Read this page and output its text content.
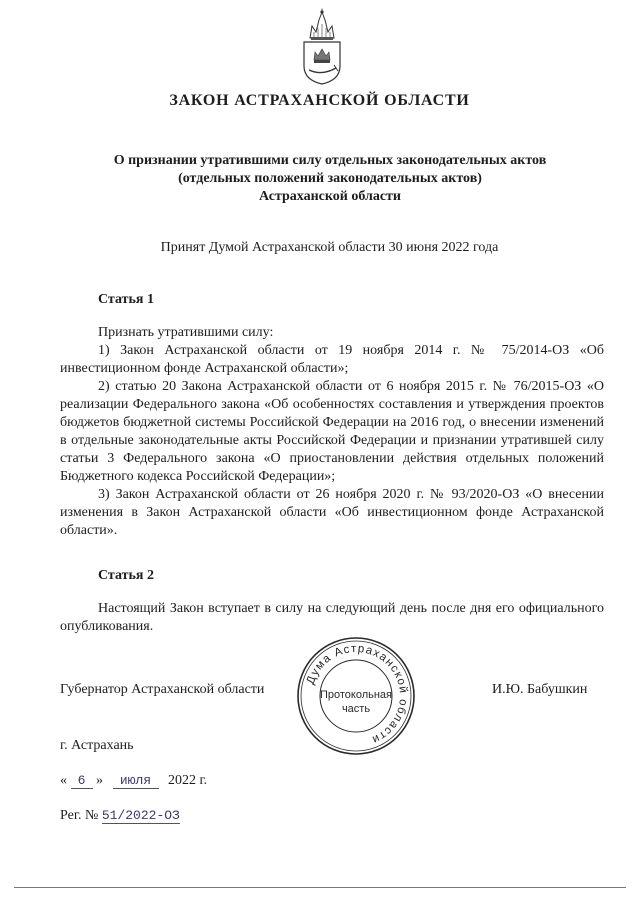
ЗАКОН АСТРАХАНСКОЙ ОБЛАСТИ
О признании утратившими силу отдельных законодательных актов
(отдельных положений законодательных актов)
Астраханской области
Принят Думой Астраханской области 30 июня 2022 года
Статья 1

Признать утратившими силу:

1) Закон Астраханской области от 19 ноября 2014 г. № 75/2014-ОЗ «Об инвестиционном фонде Астраханской области»;

2) статью 20 Закона Астраханской области от 6 ноября 2015 г. № 76/2015-ОЗ «О реализации Федерального закона «Об особенностях составления и утверждения проектов бюджетов бюджетной системы Российской Федерации на 2016 год, о внесении изменений в отдельные законодательные акты Российской Федерации и признании утратившей силу статьи 3 Федерального закона «О приостановлении действия отдельных положений Бюджетного кодекса Российской Федерации»;

3) Закон Астраханской области от 26 ноября 2020 г. № 93/2020-ОЗ «О внесении изменения в Закон Астраханской области «Об инвестиционном фонде Астраханской области».

Статья 2

Настоящий Закон вступает в силу на следующий день после дня его официального опубликования.

Губернатор Астраханской области	И.Ю. Бабушкин
Дума Астраханской области
Протокольная
часть
г. Астрахань
« 6 » июля 2022 г.
Рег. № 51/2022-ОЗ
